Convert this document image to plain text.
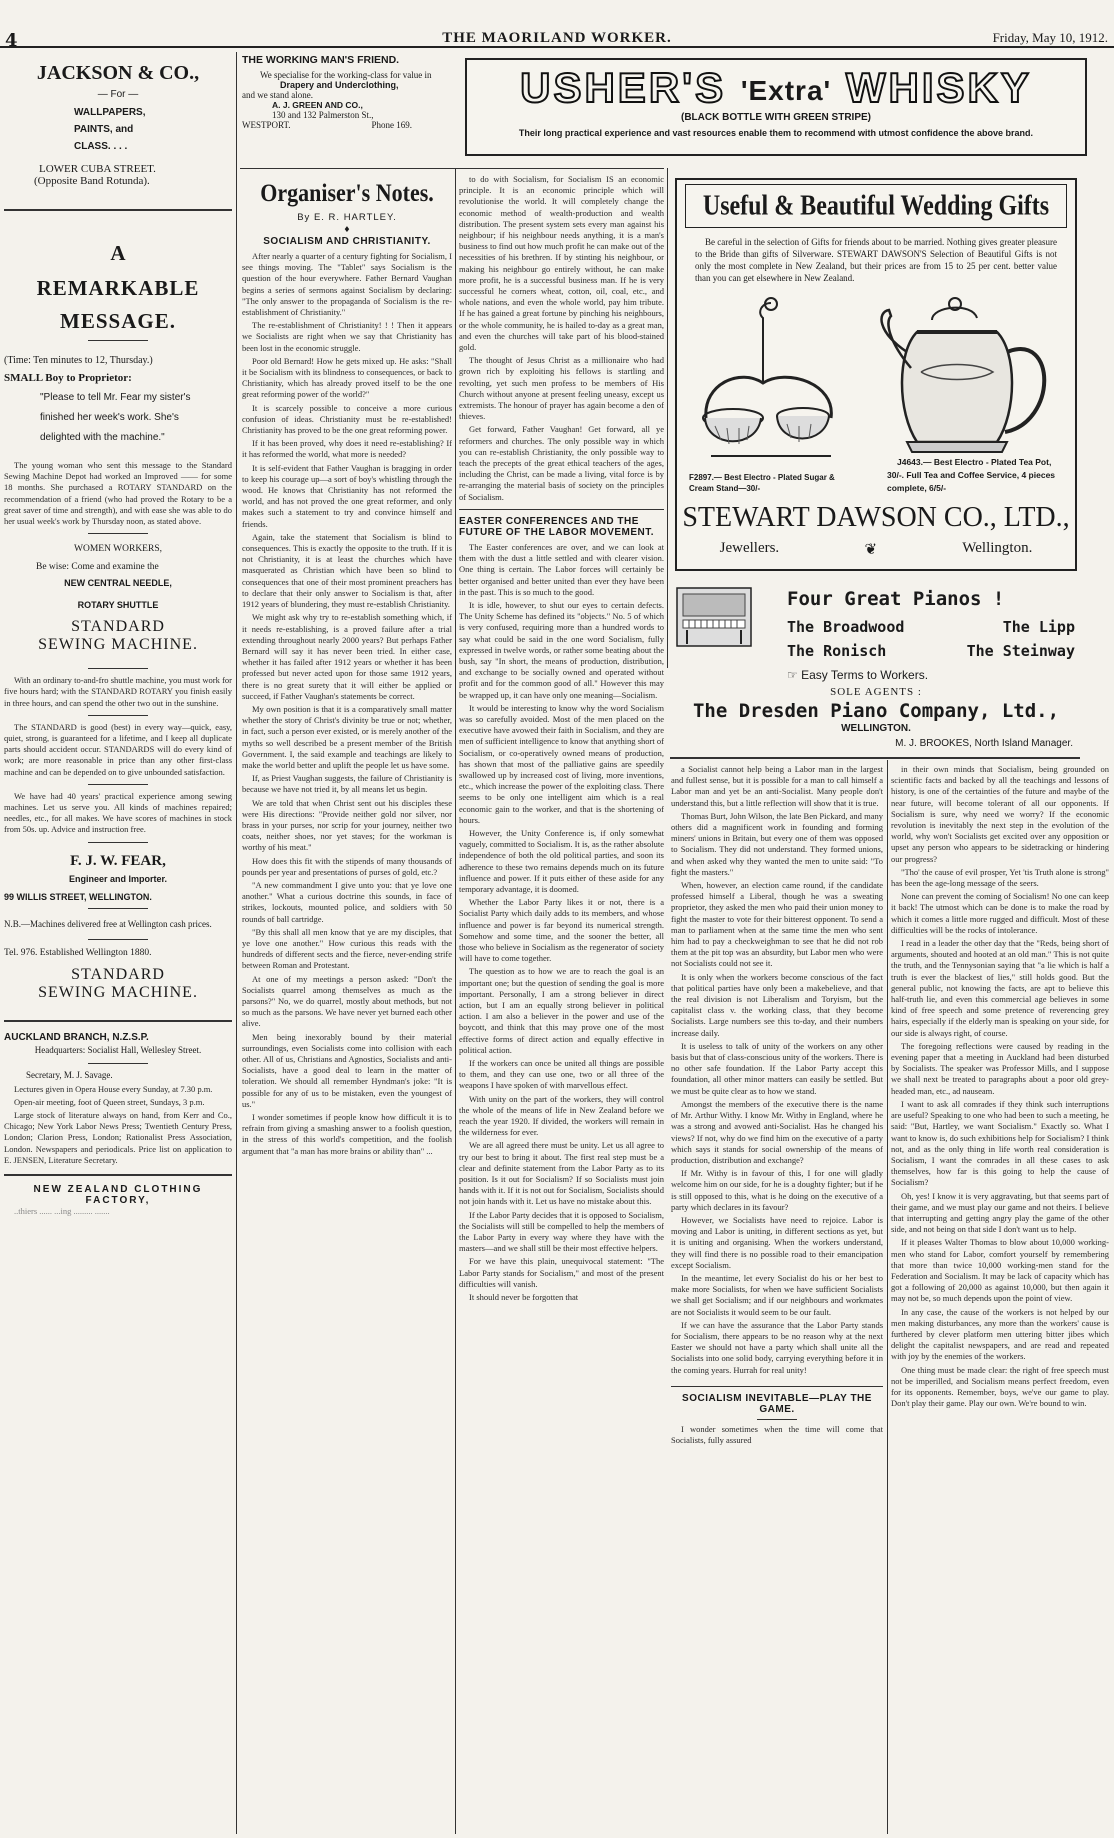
4	THE MAORILAND WORKER.	Friday, May 10, 1912.
JACKSON & CO.,
— For —
WALLPAPERS,
PAINTS, and
CLASS. . . .
LOWER CUBA STREET.
(Opposite Band Rotunda).
A
REMARKABLE
MESSAGE.
(Time: Ten minutes to 12, Thursday.)
SMALL Boy to Proprietor:
"Please to tell Mr. Fear my sister's finished her week's work. She's delighted with the machine."

The young woman who sent this message to the Standard Sewing Machine Depot had worked an Improved —— for some 18 months. She purchased a ROTARY STANDARD on the recommendation of a friend (who had proved the Rotary to be a great saver of time and strength), and with ease she was able to do her usual week's work by Thursday noon, as stated above.

WOMEN WORKERS,
Be wise: Come and examine the
NEW CENTRAL NEEDLE,
ROTARY SHUTTLE
STANDARD
SEWING MACHINE.

With an ordinary to-and-fro shuttle machine, you must work for five hours hard; with the STANDARD ROTARY you finish easily in three hours, and can spend the other two out in the sunshine.

The STANDARD is good (best) in every way—quick, easy, quiet, strong, is guaranteed for a lifetime, and I keep all duplicate parts should accident occur. STANDARDS will do every kind of work; are more reasonable in price than any other first-class machine and can be depended on to give unbounded satisfaction.

We have had 40 years' practical experience among sewing machines. Let us serve you. All kinds of machines repaired; needles, etc., for all makes. We have scores of machines in stock from 50s. up. Advice and instruction free.

F. J. W. FEAR,
Engineer and Importer.
99 WILLIS STREET, WELLINGTON.
N.B.—Machines delivered free at Wellington cash prices.
Tel. 976. Established Wellington 1880.
STANDARD
SEWING MACHINE.
AUCKLAND BRANCH, N.Z.S.P.
Headquarters: Socialist Hall, Wellesley Street.
Secretary, M. J. Savage.

Lectures given in Opera House every Sunday, at 7.30 p.m.

Open-air meeting, foot of Queen street, Sundays, 3 p.m.

Large stock of literature always on hand, from Kerr and Co., Chicago; New York Labor News Press; Twentieth Century Press, London; Clarion Press, London; Rationalist Press Association, London. Newspapers and periodicals. Price list on application to E. JENSEN, Literature Secretary.

NEW ZEALAND CLOTHING FACTORY,

..thiers ...... ...ing ......... .......

THE WORKING MAN'S FRIEND.
We specialise for the working-class for value in
Drapery and Underclothing,
and we stand alone.
A. J. GREEN AND CO.,
130 and 132 Palmerston St.,
WESTPORT.	Phone 169.
Organiser's Notes.
By E. R. HARTLEY.
♦
SOCIALISM AND CHRISTIANITY.

After nearly a quarter of a century fighting for Socialism, I see things moving. The "Tablet" says Socialism is the question of the hour everywhere. Father Bernard Vaughan begins a series of sermons against Socialism by declaring: "The only answer to the propaganda of Socialism is the re-establishment of Christianity."

The re-establishment of Christianity! ! ! Then it appears we Socialists are right when we say that Christianity has been lost in the economic struggle.

Poor old Bernard! How he gets mixed up. He asks: "Shall it be Socialism with its blindness to consequences, or back to Christianity, which has already proved itself to be the one great reforming power of the world?"

It is scarcely possible to conceive a more curious confusion of ideas. Christianity must be re-established! Christianity has proved to be the one great reforming power.

If it has been proved, why does it need re-establishing? If it has reformed the world, what more is needed?

It is self-evident that Father Vaughan is bragging in order to keep his courage up—a sort of boy's whistling through the wood. He knows that Christianity has not reformed the world, and has not proved the one great reformer, and only makes such a statement to try and convince himself and friends.

Again, take the statement that Socialism is blind to consequences. This is exactly the opposite to the truth. If it is not Christianity, it is at least the churches which have masquerated as Christian which have been so blind to consequences that one of their most prominent preachers has to declare that their only answer to Socialism is that, after 1912 years of blundering, they must re-establish Christianity.

We might ask why try to re-establish something which, if it needs re-establishing, is a proved failure after a trial extending throughout nearly 2000 years? But perhaps Father Bernard will say it has never been tried. In either case, whether it has failed after 1912 years or whether it has been professed but never acted upon for those same 1912 years, there is no great surety that it will either be applied or succeed, if Father Vaughan's statements be correct.

My own position is that it is a comparatively small matter whether the story of Christ's divinity be true or not; whether, in fact, such a person ever existed, or is merely another of the myths so well described be a present member of the British Government. I, the said example and teachings are likely to make the world better and uplift the people let us have some.

If, as Priest Vaughan suggests, the failure of Christianity is because we have not tried it, by all means let us begin.

We are told that when Christ sent out his disciples these were His directions: "Provide neither gold nor silver, nor brass in your purses, nor scrip for your journey, neither two coats, neither shoes, nor yet staves; for the workman is worthy of his meat."

How does this fit with the stipends of many thousands of pounds per year and presentations of purses of gold, etc.?

"A new commandment I give unto you: that ye love one another." What a curious doctrine this sounds, in face of strikes, lockouts, mounted police, and soldiers with 50 rounds of ball cartridge.

"By this shall all men know that ye are my disciples, that ye love one another." How curious this reads with the hundreds of different sects and the fierce, never-ending strife between Roman and Protestant.

At one of my meetings a person asked: "Don't the Socialists quarrel among themselves as much as the parsons?" No, we do quarrel, mostly about methods, but not so much as the parsons. We have never yet burned each other alive.

Men being inexorably bound by their material surroundings, even Socialists come into collision with each other. All of us, Christians and Agnostics, Socialists and anti-Socialists, have a good deal to learn in the matter of toleration. We should all remember Hyndman's joke: "It is possible for any of us to be mistaken, even the youngest of us."

I wonder sometimes if people know how difficult it is to refrain from giving a smashing answer to a foolish question, in the stress of this world's competition, and the foolish argument that "a man has more brains or ability than" ...

USHER'S 'Extra' WHISKY
(BLACK BOTTLE WITH GREEN STRIPE)
Their long practical experience and vast resources enable them to recommend with utmost confidence the above brand.

to do with Socialism, for Socialism IS an economic principle. It is an economic principle which will revolutionise the world. It will completely change the economic method of wealth-production and wealth distribution. The present system sets every man against his neighbour; if his neighbour needs anything, it is a man's business to find out how much profit he can make out of the necessities of his brethren. If by stinting his neighbour, or making his neighbour go entirely without, he can make more profit, he is a successful business man. If he is very successful he corners wheat, cotton, oil, coal, etc., and whole nations, and even the whole world, pay him tribute. If he has gained a great fortune by pinching his neighbours, or the whole community, he is hailed to-day as a great man, and even the churches will take part of his blood-stained gold.

The thought of Jesus Christ as a millionaire who had grown rich by exploiting his fellows is startling and revolting, yet such men profess to be members of His Church without anyone at present feeling uneasy, except us extremists. The honour of prayer has again become a den of thieves.

Get forward, Father Vaughan! Get forward, all ye reformers and churches. The only possible way in which you can re-establish Christianity, the only possible way to teach the precepts of the great ethical teachers of the ages, including the Christ, can be made a living, vital force is by re-arranging the material basis of society on the principles of Socialism.

EASTER CONFERENCES AND THE FUTURE OF THE LABOR MOVEMENT.

The Easter conferences are over, and we can look at them with the dust a little settled and with clearer vision. One thing is certain. The Labor forces will certainly be better organised and better united than ever they have been in the past. This is so much to the good.

It is idle, however, to shut our eyes to certain defects. The Unity Scheme has defined its "objects." No. 5 of which is very confused, requiring more than a hundred words to say what could be said in the one word Socialism, fully expressed in twelve words, or rather some beating about the bush, say "In short, the means of production, distribution, and exchange to be socially owned and operated without profit and for the common good of all." However this may be wrapped up, it can have only one meaning—Socialism.

It would be interesting to know why the word Socialism was so carefully avoided. Most of the men placed on the executive have avowed their faith in Socialism, and they are men of sufficient intelligence to know that anything short of Socialism, or co-operatively owned means of production, has shown that most of the palliative gains are speedily swallowed up by increased cost of living, more inventions, etc., which increase the power of the exploiting class. There seems to be only one intelligent aim which is a real economic gain to the worker, and that is the shortening of hours.

However, the Unity Conference is, if only somewhat vaguely, committed to Socialism. It is, as the rather absolute independence of both the old political parties, and soon its adherence to these two remains depends much on its future influence and power. If it puts either of these aside for any temporary advantage, it is doomed.

Whether the Labor Party likes it or not, there is a Socialist Party which daily adds to its members, and whose influence and power is far beyond its numerical strength. Somehow and some time, and the sooner the better, all those who believe in Socialism as the regenerator of society will have to come together.

The question as to how we are to reach the goal is an important one; but the question of sending the goal is more important. Personally, I am a strong believer in direct action, but I am an equally strong believer in political action. I am also a believer in the power and use of the boycott, and think that this may prove one of the most effective forms of direct action and equally effective in political action.

If the workers can once be united all things are possible to them, and they can use one, two or all three of the weapons I have spoken of with marvellous effect.

With unity on the part of the workers, they will control the whole of the means of life in New Zealand before we reach the year 1920. If divided, the workers will remain in the wilderness for ever.

We are all agreed there must be unity. Let us all agree to try our best to bring it about. The first real step must be a clear and definite statement from the Labor Party as to its position. Is it out for Socialism? If so Socialists must join hands with it. If it is not out for Socialism, Socialists should not join hands with it. Let us have no mistake about this.

If the Labor Party decides that it is opposed to Socialism, the Socialists will still be compelled to help the members of the Labor Party in every way where they have with the masters—and we shall still be their most effective helpers.

For we have this plain, unequivocal statement: "The Labor Party stands for Socialism," and most of the present difficulties will vanish.

It should never be forgotten that

Useful & Beautiful Wedding Gifts
Be careful in the selection of Gifts for friends about to be married. Nothing gives greater pleasure to the Bride than gifts of Silverware. STEWART DAWSON'S Selection of Beautiful Gifts is not only the most complete in New Zealand, but their prices are from 15 to 25 per cent. better value than you can get elsewhere in New Zealand.
F2897.— Best Electro - Plated Sugar & Cream Stand—30/-
J4643.— Best Electro - Plated Tea Pot, 30/-. Full Tea and Coffee Service, 4 pieces complete, 6/5/-
STEWART DAWSON CO., LTD.,
Jewellers.	❦	Wellington.
Four Great Pianos !
The Broadwood	The Lipp
The Ronisch	The Steinway
☞ Easy Terms to Workers.
SOLE AGENTS :
The Dresden Piano Company, Ltd.,
WELLINGTON.
M. J. BROOKES, North Island Manager.

a Socialist cannot help being a Labor man in the largest and fullest sense, but it is possible for a man to call himself a Labor man and yet be an anti-Socialist. Many people don't understand this, but a little reflection will show that it is true.

Thomas Burt, John Wilson, the late Ben Pickard, and many others did a magnificent work in founding and forming miners' unions in Britain, but every one of them was opposed to Socialism. They did not understand. They formed unions, and when asked why they wanted the men to unite said: "To fight the masters."

When, however, an election came round, if the candidate professed himself a Liberal, though he was a sweating proprietor, they asked the men who paid their union money to fight the master to vote for their bitterest opponent. To send a man to parliament when at the same time the men who sent him had to pay a checkweighman to see that he did not rob them at the pit top was an absurdity, but Labor men who were not Socialists could not see it.

It is only when the workers become conscious of the fact that political parties have only been a makebelieve, and that the real division is not Liberalism and Toryism, but the capitalist class v. the working class, that they become Socialists. Large numbers see this to-day, and their numbers increase daily.

It is useless to talk of unity of the workers on any other basis but that of class-conscious unity of the workers. There is no other safe foundation. If the Labor Party accept this foundation, all other minor matters can easily be settled. But we must be quite clear as to how we stand.

Amongst the members of the executive there is the name of Mr. Arthur Withy. I know Mr. Withy in England, where he was a strong and avowed anti-Socialist. Has he changed his views? If not, why do we find him on the executive of a party which says it stands for social ownership of the means of production, distribution and exchange?

If Mr. Withy is in favour of this, I for one will gladly welcome him on our side, for he is a doughty fighter; but if he is still opposed to this, what is he doing on the executive of a party which declares in its favour?

However, we Socialists have need to rejoice. Labor is moving and Labor is uniting, in different sections as yet, but it is uniting and organising. When the workers understand, they will find there is no possible road to their emancipation except Socialism.

In the meantime, let every Socialist do his or her best to make more Socialists, for when we have sufficient Socialists we shall get Socialism; and if our neighbours and workmates are not Socialists it would seem to be our fault.

If we can have the assurance that the Labor Party stands for Socialism, there appears to be no reason why at the next Easter we should not have a party which shall unite all the Socialists into one solid body, carrying everything before it in the coming years. Hurrah for real unity!

SOCIALISM INEVITABLE—PLAY THE GAME.

I wonder sometimes when the time will come that Socialists, fully assured

in their own minds that Socialism, being grounded on scientific facts and backed by all the teachings and lessons of history, is one of the certainties of the future and maybe of the near future, will become tolerant of all our opponents. If Socialism is sure, why need we worry? If the economic revolution is inevitably the next step in the evolution of the world, why won't Socialists get excited over any opposition or upset any person who appears to be sidetracking or hindering our progress?

"Tho' the cause of evil prosper, Yet 'tis Truth alone is strong" has been the age-long message of the seers.

None can prevent the coming of Socialism! No one can keep it back! The utmost which can be done is to make the road by which it comes a little more rugged and difficult. Most of these difficulties will be the rocks of intolerance.

I read in a leader the other day that the "Reds, being short of arguments, shouted and hooted at an old man." This is not quite the truth, and the Tennysonian saying that "a lie which is half a truth is ever the blackest of lies," still holds good. But the general public, not knowing the facts, are apt to believe this half-truth lie, and even this commercial age believes in some kind of free speech and some pretence of reverencing grey hairs, especially if the elderly man is speaking on your side, for our side is always right, of course.

The foregoing reflections were caused by reading in the evening paper that a meeting in Auckland had been disturbed by Socialists. The speaker was Professor Mills, and I suppose we shall next be treated to paragraphs about a poor old grey-headed man, etc., ad nauseam.

I want to ask all comrades if they think such interruptions are useful? Speaking to one who had been to such a meeting, he said: "But, Hartley, we want Socialism." Exactly so. What I want to know is, do such exhibitions help for Socialism? I think not, and as the only thing in life worth real consideration is Socialism, I want the comrades in all these cases to ask themselves, how far is this going to help the cause of Socialism?

Oh, yes! I know it is very aggravating, but that seems part of their game, and we must play our game and not theirs. I believe that interrupting and getting angry play the game of the other side, and not being on that side I don't want us to help.

If it pleases Walter Thomas to blow about 10,000 working-men who stand for Labor, comfort yourself by remembering that more than twice 10,000 working-men stand for the Federation and Socialism. It may be lack of capacity which has got a following of 20,000 as against 10,000, but then again it may not be, so much depends upon the point of view.

In any case, the cause of the workers is not helped by our men making disturbances, any more than the workers' cause is furthered by clever platform men uttering bitter jibes which delight the capitalist newspapers, and are read and repeated with joy by the enemies of the workers.

One thing must be made clear: the right of free speech must not be imperilled, and Socialism means perfect freedom, even for its opponents. Remember, boys, we've our game to play. Don't play their game. Play our own. We're bound to win.
